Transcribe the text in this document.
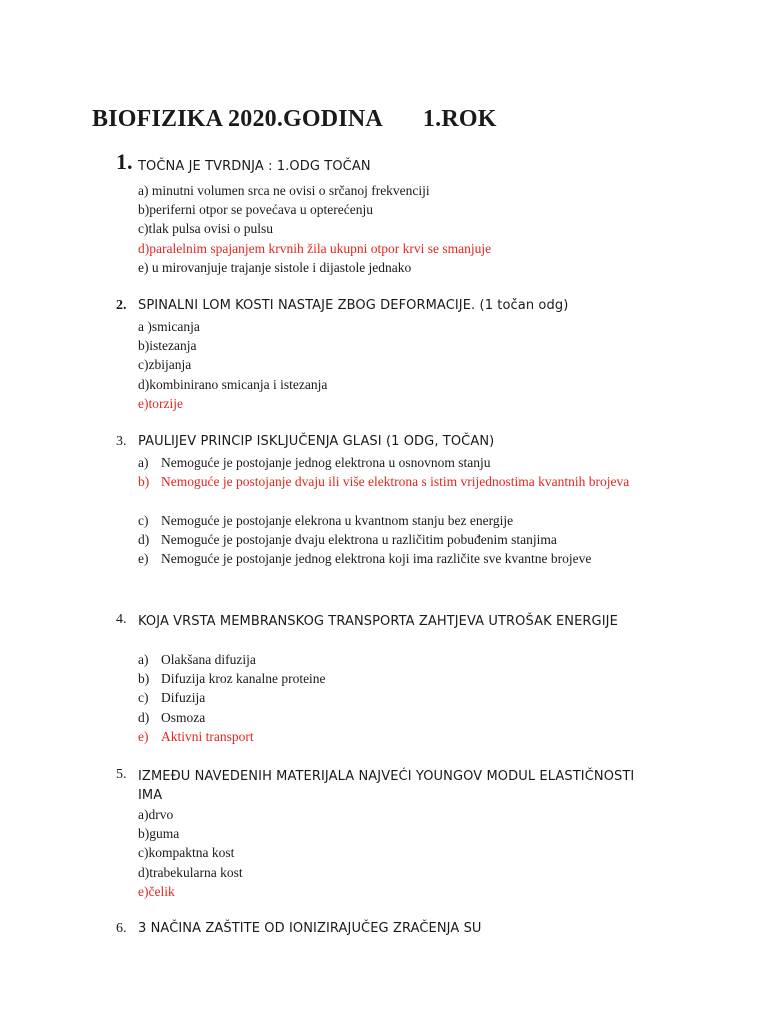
BIOFIZIKA 2020.GODINA 1.ROK
1. TOČNA JE TVRDNJA : 1.ODG TOČAN
a) minutni volumen srca ne ovisi o srčanoj frekvenciji
b)periferni otpor se povećava u opterećenju
c)tlak pulsa ovisi o pulsu
d)paralelnim spajanjem krvnih žila ukupni otpor krvi se smanjuje
e) u mirovanjuje trajanje sistole i dijastole jednako
2. SPINALNI LOM KOSTI NASTAJE ZBOG DEFORMACIJE. (1 točan odg)
a )smicanja
b)istezanja
c)zbijanja
d)kombinirano smicanja i istezanja
e)torzije
3. PAULIJEV PRINCIP ISKLJUČENJA GLASI (1 ODG, TOČAN)
a) Nemoguće je postojanje jednog elektrona u osnovnom stanju
b) Nemoguće je postojanje dvaju ili više elektrona s istim vrijednostima kvantnih brojeva
c) Nemoguće je postojanje elekrona u kvantnom stanju bez energije
d) Nemoguće je postojanje dvaju elektrona u različitim pobuđenim stanjima
e) Nemoguće je postojanje jednog elektrona koji ima različite sve kvantne brojeve
4. KOJA VRSTA MEMBRANSKOG TRANSPORTA ZAHTJEVA UTROŠAK ENERGIJE
a) Olakšana difuzija
b) Difuzija kroz kanalne proteine
c) Difuzija
d) Osmoza
e) Aktivni transport
5. IZMEĐU NAVEDENIH MATERIJALA NAJVEĆI YOUNGOV MODUL ELASTIČNOSTI IMA
a)drvo
b)guma
c)kompaktna kost
d)trabekularna kost
e)čelik
6. 3 NAČINA ZAŠTITE OD IONIZIRAJUČEG ZRAČENJA SU
